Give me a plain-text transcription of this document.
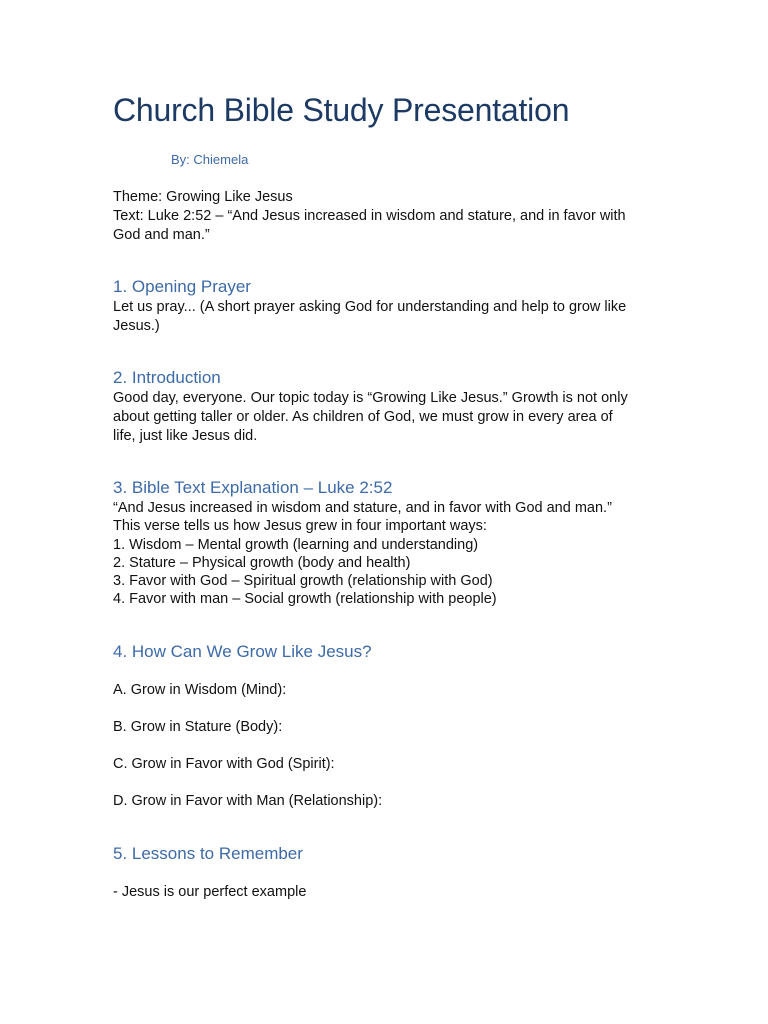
Church Bible Study Presentation
By: Chiemela
Theme: Growing Like Jesus
Text: Luke 2:52 – “And Jesus increased in wisdom and stature, and in favor with
God and man.”
1. Opening Prayer
Let us pray... (A short prayer asking God for understanding and help to grow like
Jesus.)
2. Introduction
Good day, everyone. Our topic today is “Growing Like Jesus.” Growth is not only
about getting taller or older. As children of God, we must grow in every area of
life, just like Jesus did.
3. Bible Text Explanation – Luke 2:52
“And Jesus increased in wisdom and stature, and in favor with God and man.”
This verse tells us how Jesus grew in four important ways:
1. Wisdom – Mental growth (learning and understanding)
2. Stature – Physical growth (body and health)
3. Favor with God – Spiritual growth (relationship with God)
4. Favor with man – Social growth (relationship with people)
4. How Can We Grow Like Jesus?
A. Grow in Wisdom (Mind):
B. Grow in Stature (Body):
C. Grow in Favor with God (Spirit):
D. Grow in Favor with Man (Relationship):
5. Lessons to Remember
- Jesus is our perfect example
